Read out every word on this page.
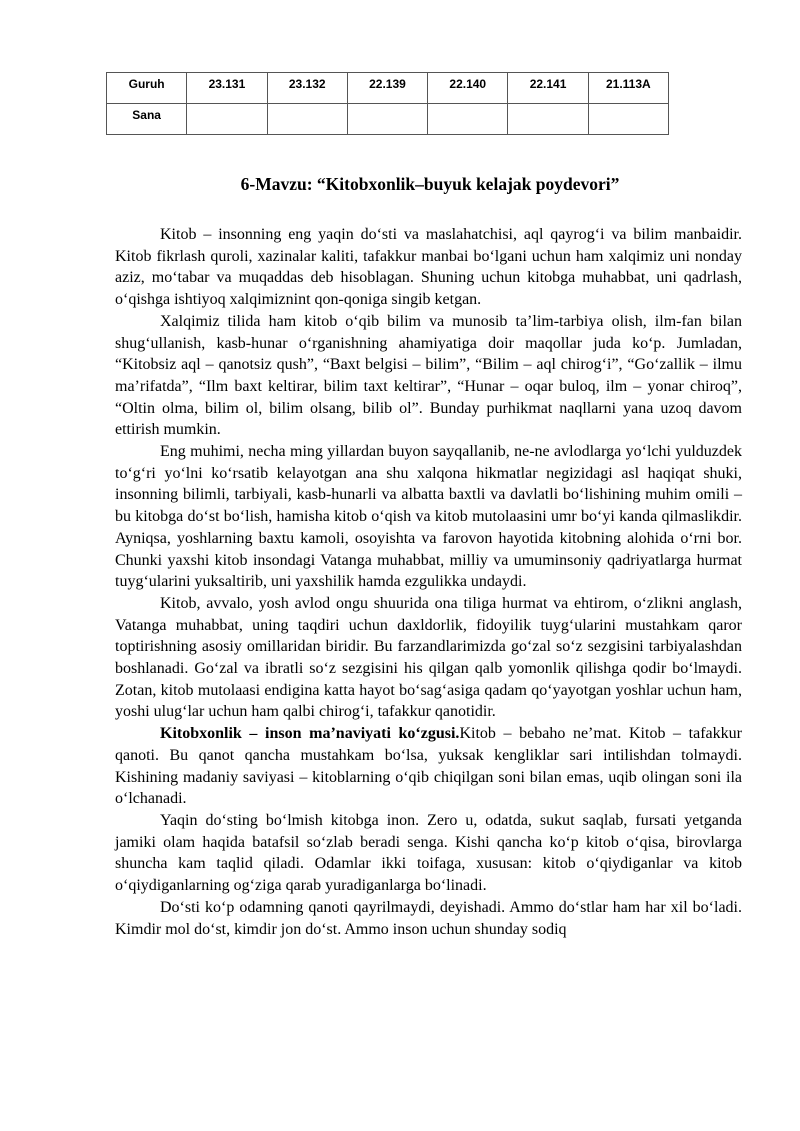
Guruh	23.131	23.132	22.139	22.140	22.141	21.113A
Sana						
6-Mavzu: “Kitobxonlik–buyuk kelajak poydevori”

Kitob – insonning eng yaqin do‘sti va maslahatchisi, aql qayrog‘i va bilim manbaidir. Kitob fikrlash quroli, xazinalar kaliti, tafakkur manbai bo‘lgani uchun ham xalqimiz uni nonday aziz, mo‘tabar va muqaddas deb hisoblagan. Shuning uchun kitobga muhabbat, uni qadrlash, o‘qishga ishtiyoq xalqimiznint qon-qoniga singib ketgan.

Xalqimiz tilida ham kitob o‘qib bilim va munosib ta’lim-tarbiya olish, ilm-fan bilan shug‘ullanish, kasb-hunar o‘rganishning ahamiyatiga doir maqollar juda ko‘p. Jumladan, “Kitobsiz aql – qanotsiz qush”, “Baxt belgisi – bilim”, “Bilim – aql chirog‘i”, “Go‘zallik – ilmu ma’rifatda”, “Ilm baxt keltirar, bilim taxt keltirar”, “Hunar – oqar buloq, ilm – yonar chiroq”, “Oltin olma, bilim ol, bilim olsang, bilib ol”. Bunday purhikmat naqllarni yana uzoq davom ettirish mumkin.

Eng muhimi, necha ming yillardan buyon sayqallanib, ne-ne avlodlarga yo‘lchi yulduzdek to‘g‘ri yo‘lni ko‘rsatib kelayotgan ana shu xalqona hikmatlar negizidagi asl haqiqat shuki, insonning bilimli, tarbiyali, kasb-hunarli va albatta baxtli va davlatli bo‘lishining muhim omili – bu kitobga do‘st bo‘lish, hamisha kitob o‘qish va kitob mutolaasini umr bo‘yi kanda qilmaslikdir. Ayniqsa, yoshlarning baxtu kamoli, osoyishta va farovon hayotida kitobning alohida o‘rni bor. Chunki yaxshi kitob insondagi Vatanga muhabbat, milliy va umuminsoniy qadriyatlarga hurmat tuyg‘ularini yuksaltirib, uni yaxshilik hamda ezgulikka undaydi.

Kitob, avvalo, yosh avlod ongu shuurida ona tiliga hurmat va ehtirom, o‘zlikni anglash, Vatanga muhabbat, uning taqdiri uchun daxldorlik, fidoyilik tuyg‘ularini mustahkam qaror toptirishning asosiy omillaridan biridir. Bu farzandlarimizda go‘zal so‘z sezgisini tarbiyalashdan boshlanadi. Go‘zal va ibratli so‘z sezgisini his qilgan qalb yomonlik qilishga qodir bo‘lmaydi. Zotan, kitob mutolaasi endigina katta hayot bo‘sag‘asiga qadam qo‘yayotgan yoshlar uchun ham, yoshi ulug‘lar uchun ham qalbi chirog‘i, tafakkur qanotidir.

Kitobxonlik – inson ma’naviyati ko‘zgusi.Kitob – bebaho ne’mat. Kitob – tafakkur qanoti. Bu qanot qancha mustahkam bo‘lsa, yuksak kengliklar sari intilishdan tolmaydi. Kishining madaniy saviyasi – kitoblarning o‘qib chiqilgan soni bilan emas, uqib olingan soni ila o‘lchanadi.

Yaqin do‘sting bo‘lmish kitobga inon. Zero u, odatda, sukut saqlab, fursati yetganda jamiki olam haqida batafsil so‘zlab beradi senga. Kishi qancha ko‘p kitob o‘qisa, birovlarga shuncha kam taqlid qiladi. Odamlar ikki toifaga, xususan: kitob o‘qiydiganlar va kitob o‘qiydiganlarning og‘ziga qarab yuradiganlarga bo‘linadi.

Do‘sti ko‘p odamning qanoti qayrilmaydi, deyishadi. Ammo do‘stlar ham har xil bo‘ladi. Kimdir mol do‘st, kimdir jon do‘st. Ammo inson uchun shunday sodiq
